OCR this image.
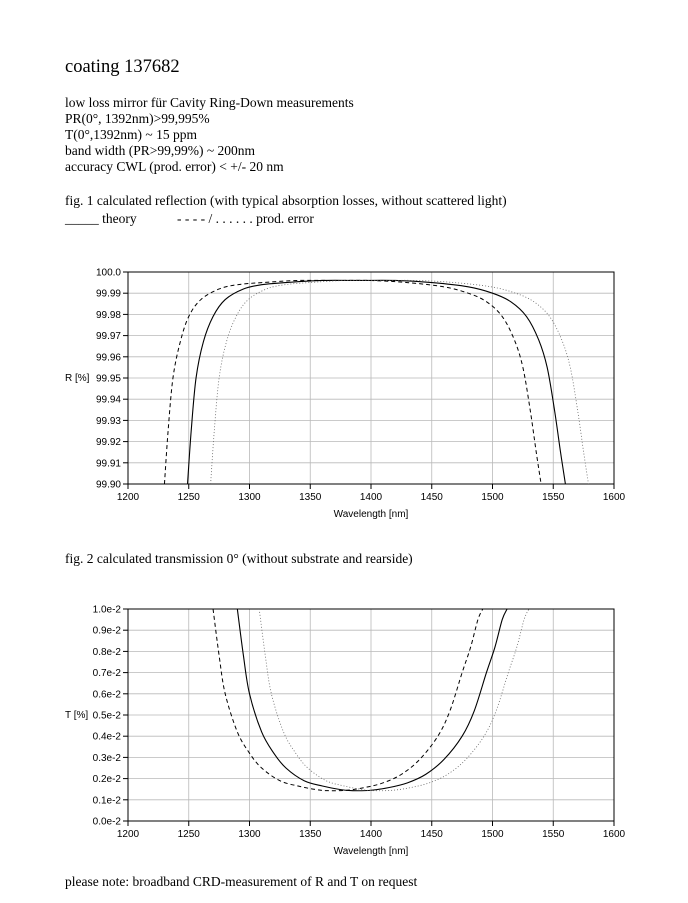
coating 137682
low loss mirror für Cavity Ring-Down measurements
PR(0°, 1392nm)>99,995%
T(0°,1392nm) ~ 15 ppm
band width (PR>99,99%) ~ 200nm
accuracy CWL (prod. error) < +/- 20 nm
fig. 1 calculated reflection (with typical absorption losses, without scattered light)

_____ theory

	- - - - / . . . . . . prod. error

100.0
99.99
99.98
99.97
99.96
99.95
99.94
99.93
99.92
99.91
99.90
1200	1250	1300	1350	1400	1450	1500	1550	1600
Wavelength [nm]
R [%]
fig. 2 calculated transmission 0° (without substrate and rearside)
1.0e-2
0.9e-2
0.8e-2
0.7e-2
0.6e-2
0.5e-2
0.4e-2
0.3e-2
0.2e-2
0.1e-2
0.0e-2
1200	1250	1300	1350	1400	1450	1500	1550	1600
Wavelength [nm]
T [%]
please note: broadband CRD-measurement of R and T on request
